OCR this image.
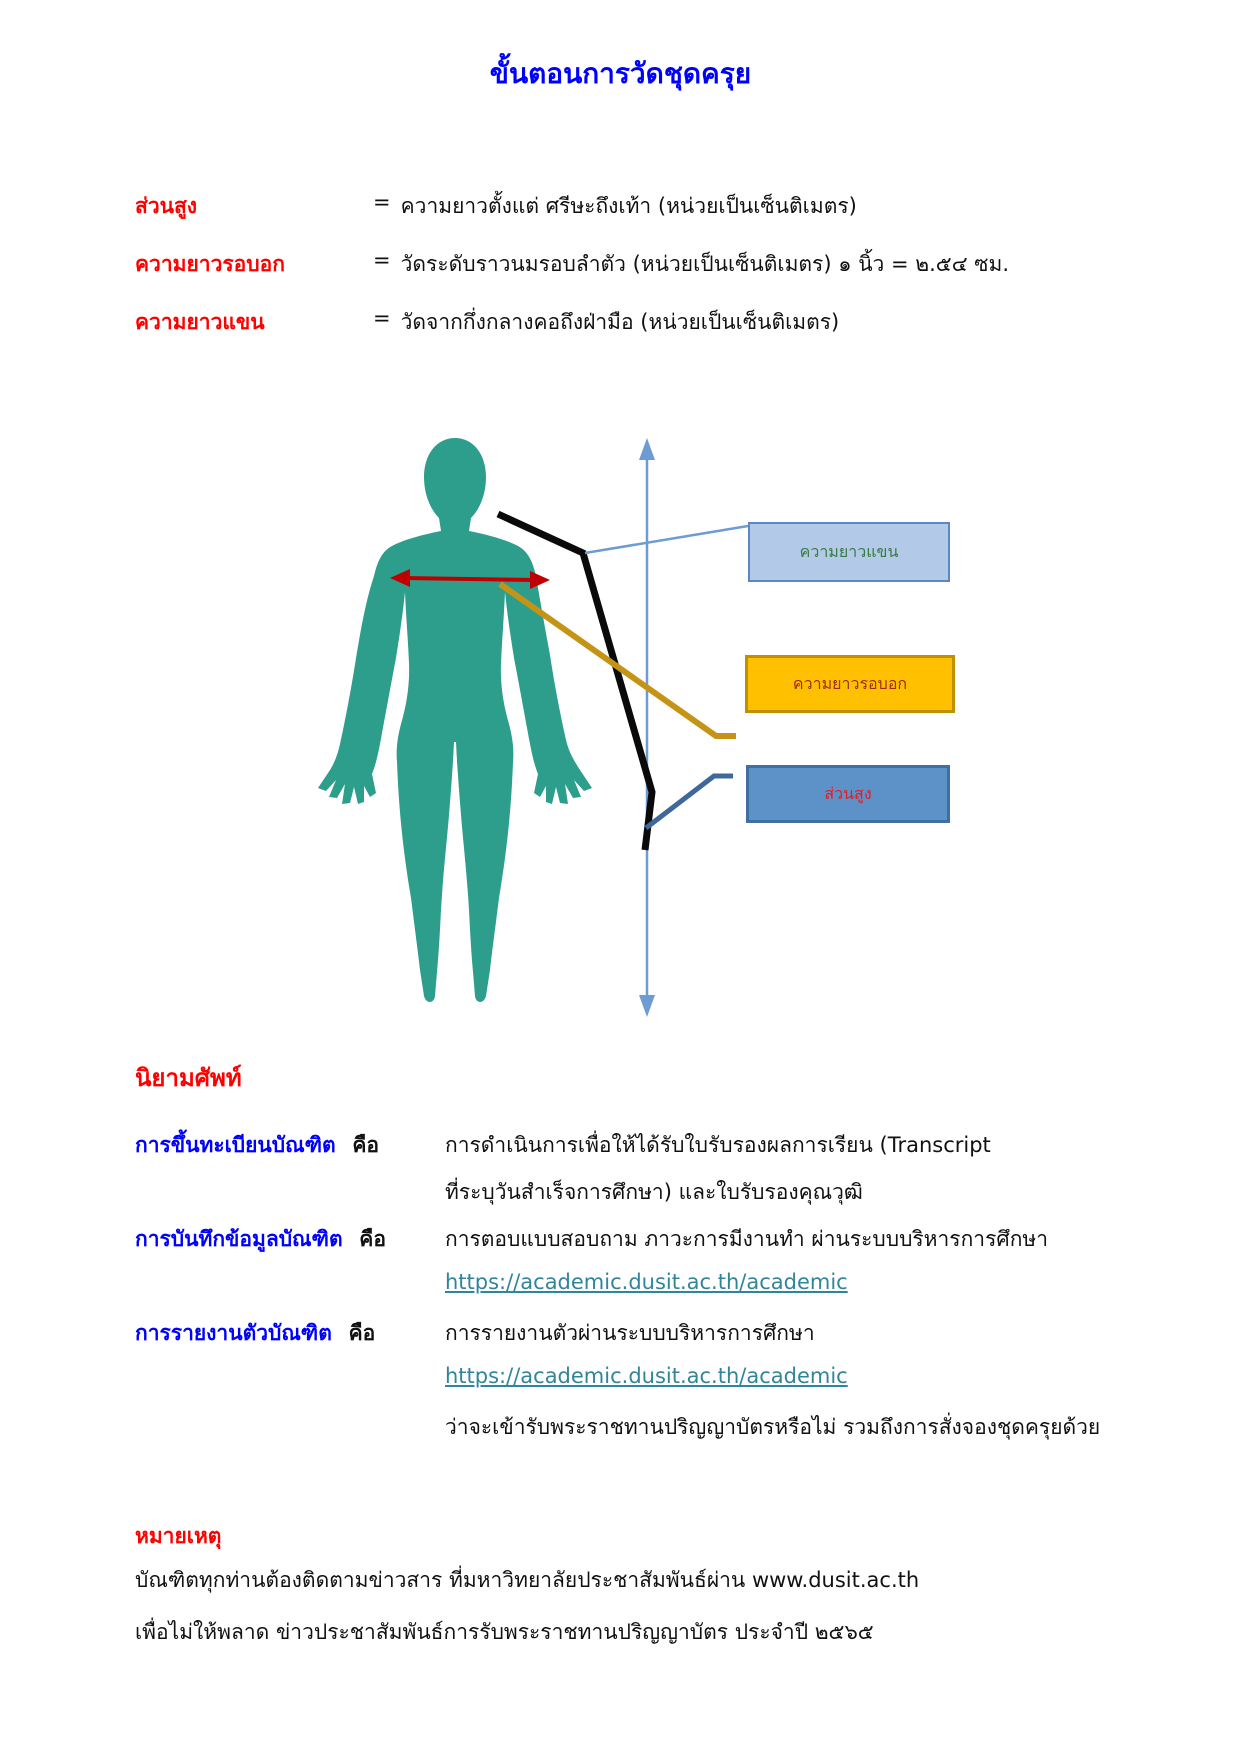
ขั้นตอนการวัดชุดครุย
ส่วนสูง	= ความยาวตั้งแต่ ศรีษะถึงเท้า (หน่วยเป็นเซ็นติเมตร)
ความยาวรอบอก	= วัดระดับราวนมรอบลำตัว (หน่วยเป็นเซ็นติเมตร) ๑ นิ้ว = ๒.๕๔ ซม.
ความยาวแขน	= วัดจากกึ่งกลางคอถึงฝ่ามือ (หน่วยเป็นเซ็นติเมตร)
ความยาวแขน
ความยาวรอบอก
ส่วนสูง
นิยามศัพท์
การขึ้นทะเบียนบัณฑิต คือ	การดำเนินการเพื่อให้ได้รับใบรับรองผลการเรียน (Transcript
ที่ระบุวันสำเร็จการศึกษา) และใบรับรองคุณวุฒิ
การบันทึกข้อมูลบัณฑิต คือ	การตอบแบบสอบถาม ภาวะการมีงานทำ ผ่านระบบบริหารการศึกษา
https://academic.dusit.ac.th/academic
การรายงานตัวบัณฑิต คือ	การรายงานตัวผ่านระบบบริหารการศึกษา
https://academic.dusit.ac.th/academic
ว่าจะเข้ารับพระราชทานปริญญาบัตรหรือไม่ รวมถึงการสั่งจองชุดครุยด้วย
หมายเหตุ

บัณฑิตทุกท่านต้องติดตามข่าวสาร ที่มหาวิทยาลัยประชาสัมพันธ์ผ่าน www.dusit.ac.th

เพื่อไม่ให้พลาด ข่าวประชาสัมพันธ์การรับพระราชทานปริญญาบัตร ประจำปี ๒๕๖๕
